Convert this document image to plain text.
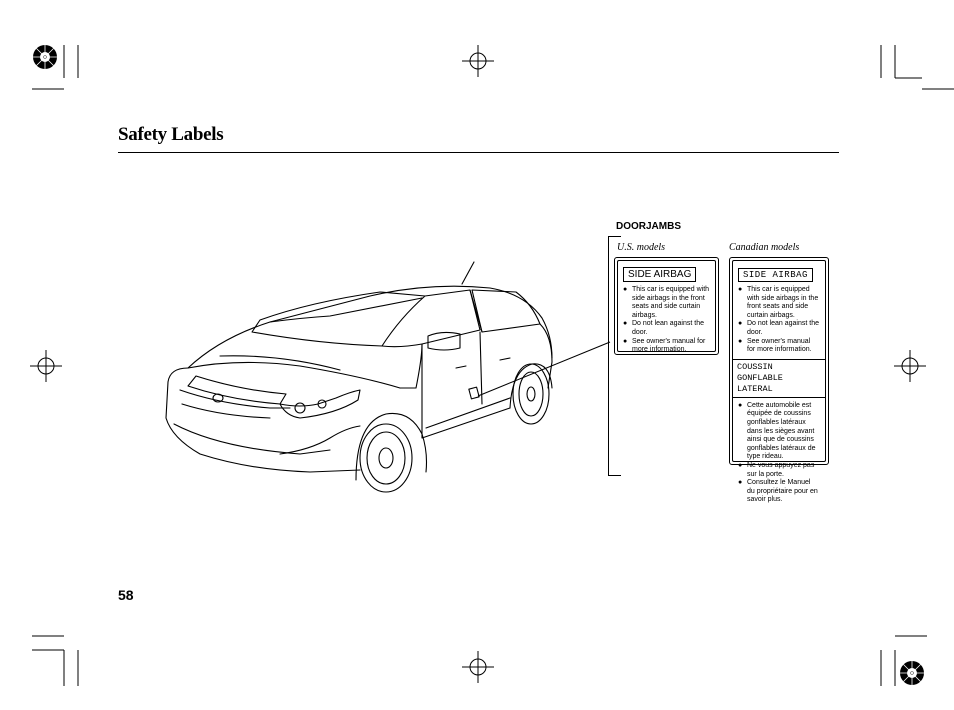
Safety Labels
DOORJAMBS
U.S. models	Canadian models
SIDE AIRBAG

● This car is equipped with side airbags in the front seats and side curtain airbags.

● Do not lean against the door.

● See owner's manual for more information.

SIDE AIRBAG

● This car is equipped with side airbags in the front seats and side curtain airbags.

● Do not lean against the door.

● See owner's manual for more information.

COUSSIN GONFLABLE LATERAL

● Cette automobile est équipée de coussins gonflables latéraux dans les sièges avant ainsi que de coussins gonflables latéraux de type rideau.

● Ne vous appuyez pas sur la porte.

● Consultez le Manuel du propriétaire pour en savoir plus.

58
